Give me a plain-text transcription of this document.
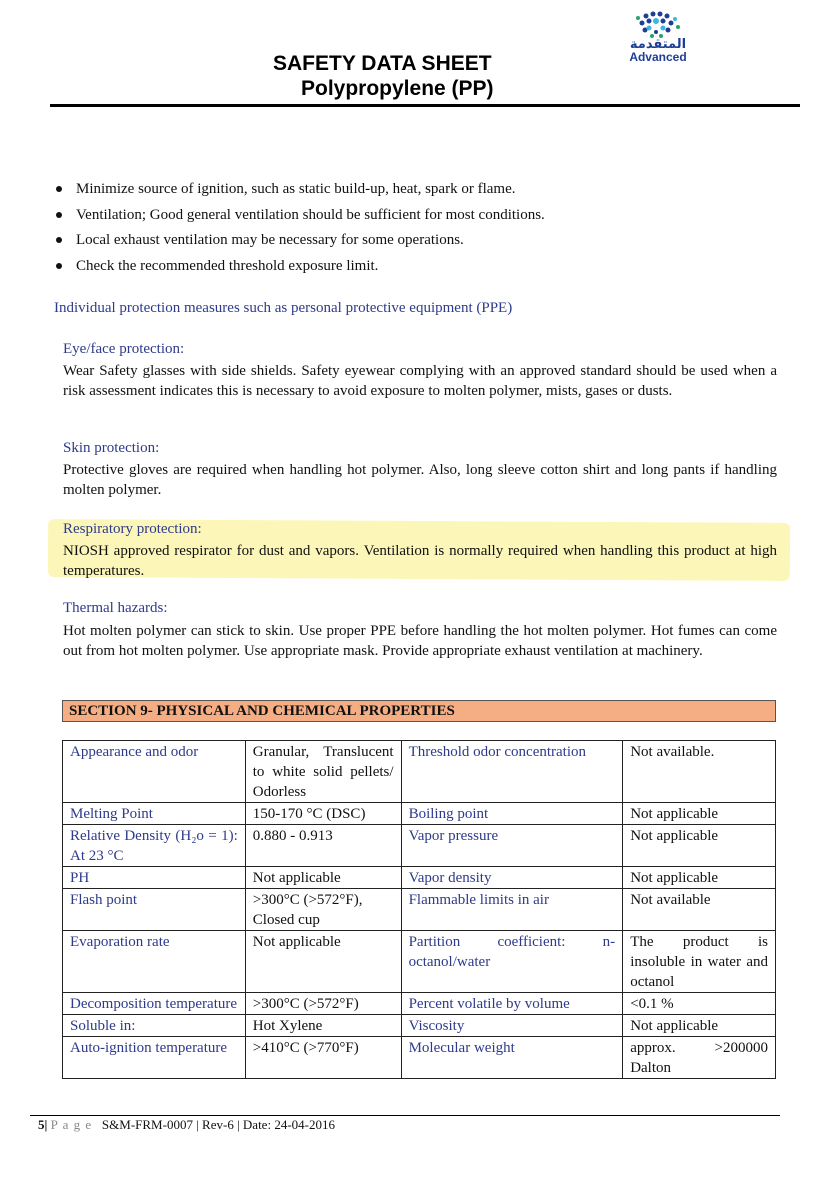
المتقدمة
Advanced
SAFETY DATA SHEET
Polypropylene (PP)
Minimize source of ignition, such as static build-up, heat, spark or flame.
Ventilation; Good general ventilation should be sufficient for most conditions.
Local exhaust ventilation may be necessary for some operations.
Check the recommended threshold exposure limit.
Individual protection measures such as personal protective equipment (PPE)
Eye/face protection:
Wear Safety glasses with side shields. Safety eyewear complying with an approved standard should be used when a risk assessment indicates this is necessary to avoid exposure to molten polymer, mists, gases or dusts.
Skin protection:
Protective gloves are required when handling hot polymer. Also, long sleeve cotton shirt and long pants if handling molten polymer.
Respiratory protection:
NIOSH approved respirator for dust and vapors. Ventilation is normally required when handling this product at high temperatures.
Thermal hazards:
Hot molten polymer can stick to skin. Use proper PPE before handling the hot molten polymer. Hot fumes can come out from hot molten polymer. Use appropriate mask. Provide appropriate exhaust ventilation at machinery.
SECTION 9- PHYSICAL AND CHEMICAL PROPERTIES
Appearance and odor	Granular, Translucent to white solid pellets/ Odorless	Threshold odor concentration	Not available.
Melting Point	150-170 °C (DSC)	Boiling point	Not applicable
Relative Density (H₂o = 1): At 23 °C	0.880 - 0.913	Vapor pressure	Not applicable
PH	Not applicable	Vapor density	Not applicable
Flash point	>300°C (>572°F), Closed cup	Flammable limits in air	Not available
Evaporation rate	Not applicable	Partition coefficient: n-octanol/water	The product is insoluble in water and octanol
Decomposition temperature	>300°C (>572°F)	Percent volatile by volume	<0.1 %
Soluble in:	Hot Xylene	Viscosity	Not applicable
Auto-ignition temperature	>410°C (>770°F)	Molecular weight	approx. >200000 Dalton
5| P a g e S&M-FRM-0007 | Rev-6 | Date: 24-04-2016
